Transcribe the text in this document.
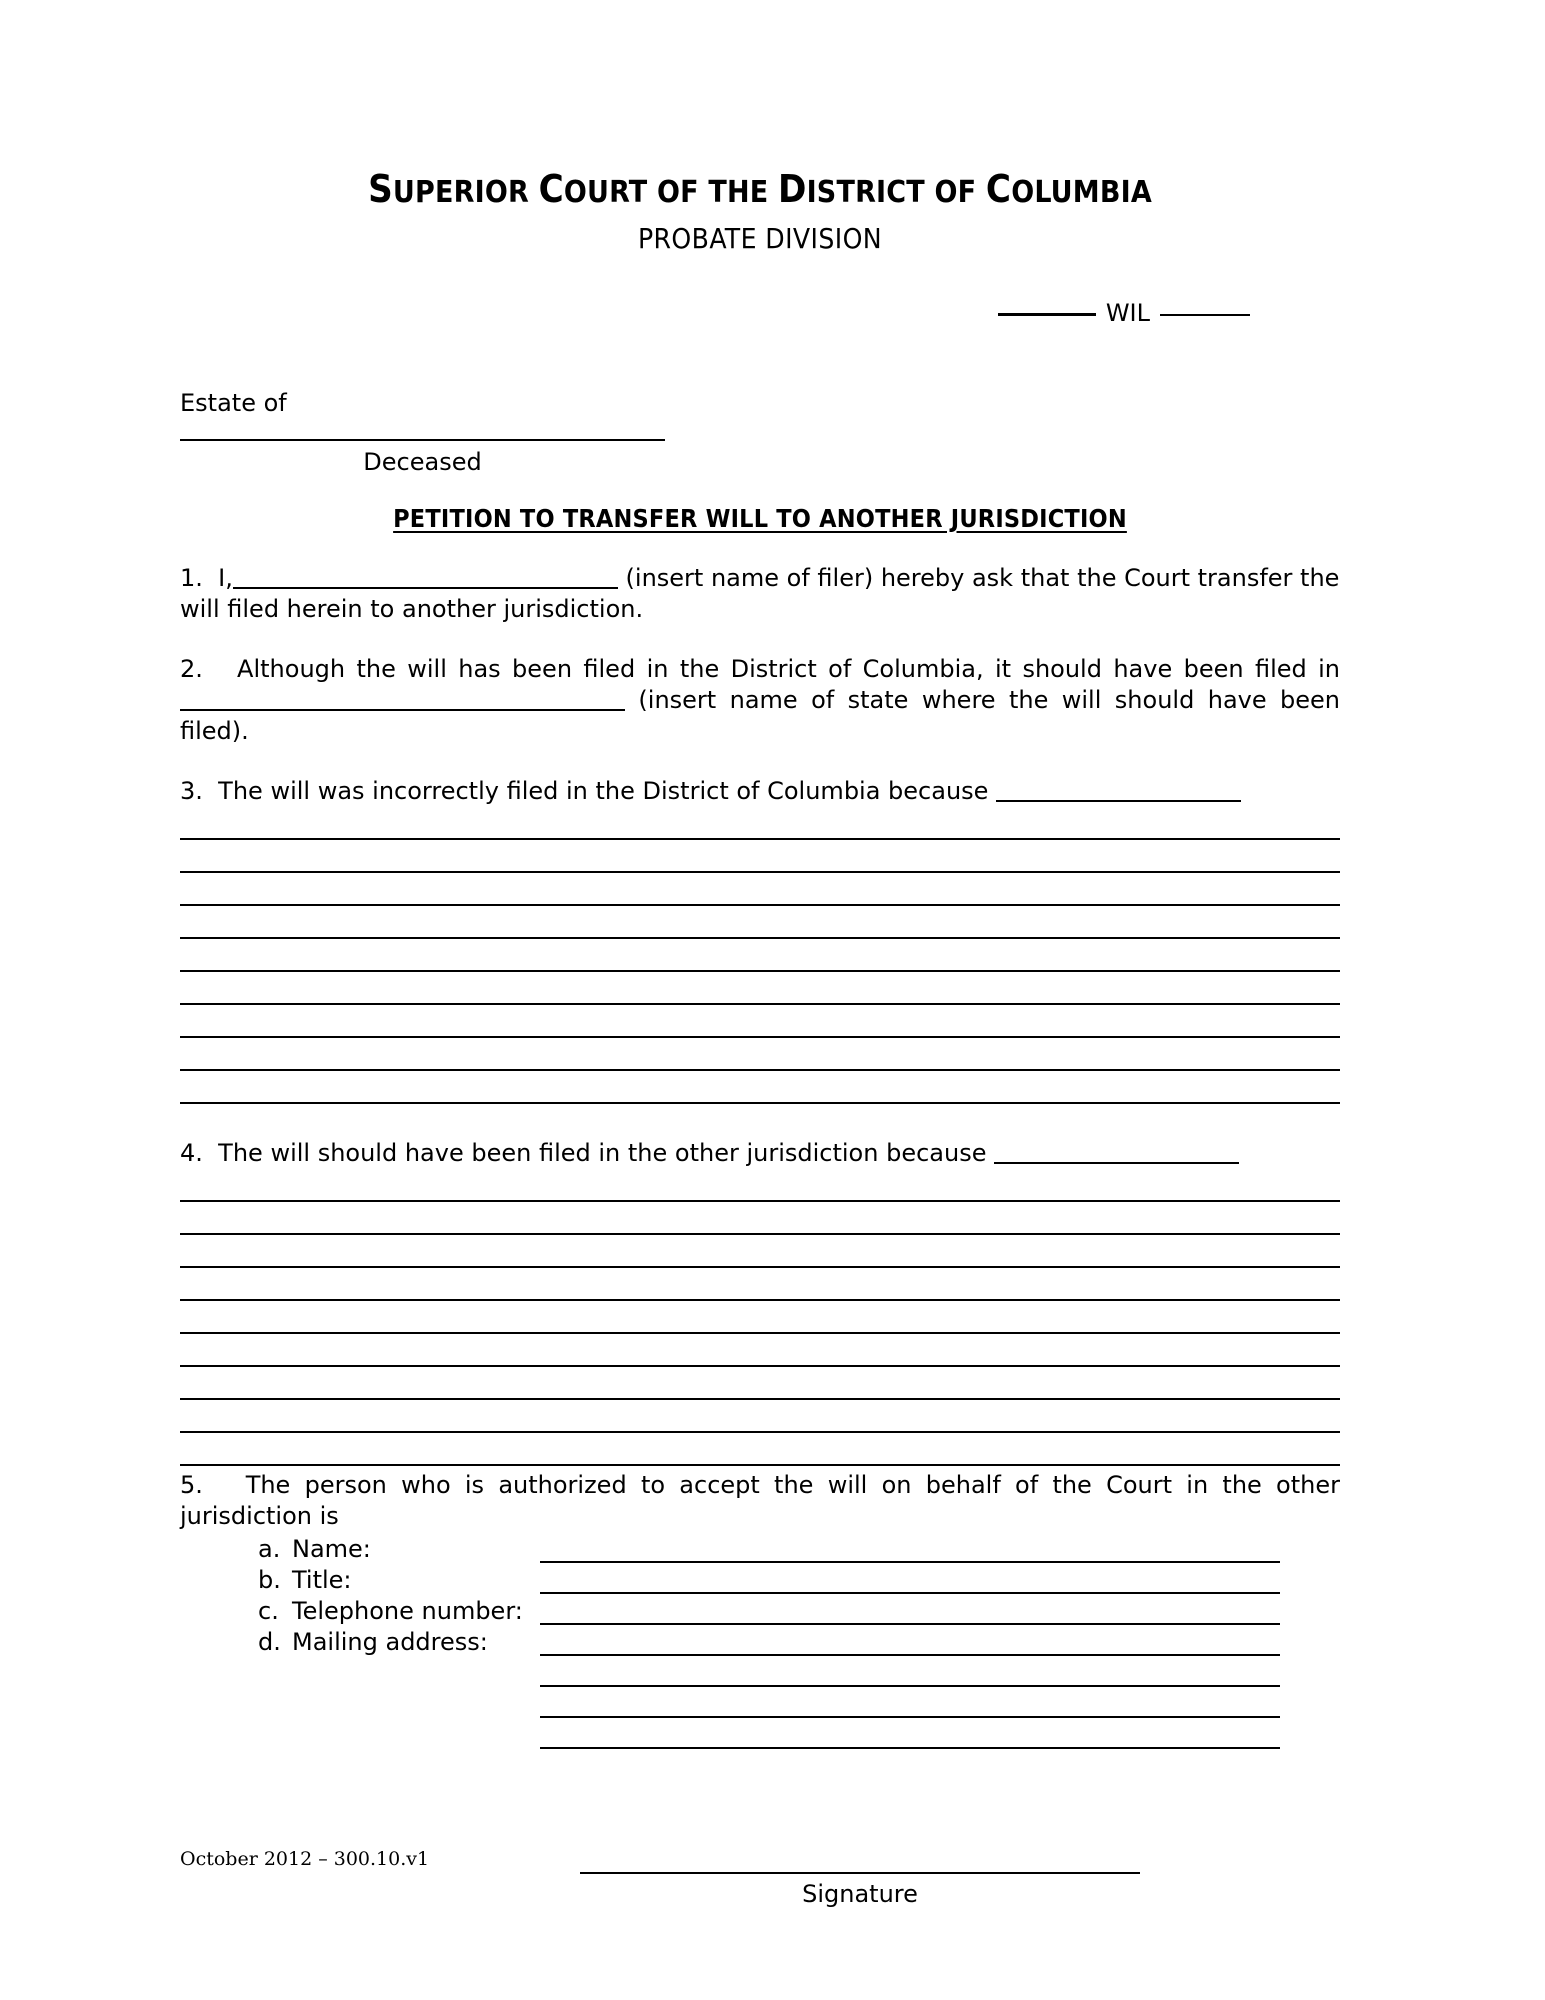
SUPERIOR COURT OF THE DISTRICT OF COLUMBIA
PROBATE DIVISION
WIL
Estate of
Deceased
PETITION TO TRANSFER WILL TO ANOTHER JURISDICTION
1. I,	(insert name of filer) hereby ask that the Court transfer the will filed herein to another jurisdiction.
2. Although the will has been filed in the District of Columbia, it should have been filed in  (insert name of state where the will should have been filed).
3. The will was incorrectly filed in the District of Columbia because
4. The will should have been filed in the other jurisdiction because
5. The person who is authorized to accept the will on behalf of the Court in the other jurisdiction is
a. Name:
b. Title:
c. Telephone number:
d. Mailing address:
Signature
October 2012 – 300.10.v1
